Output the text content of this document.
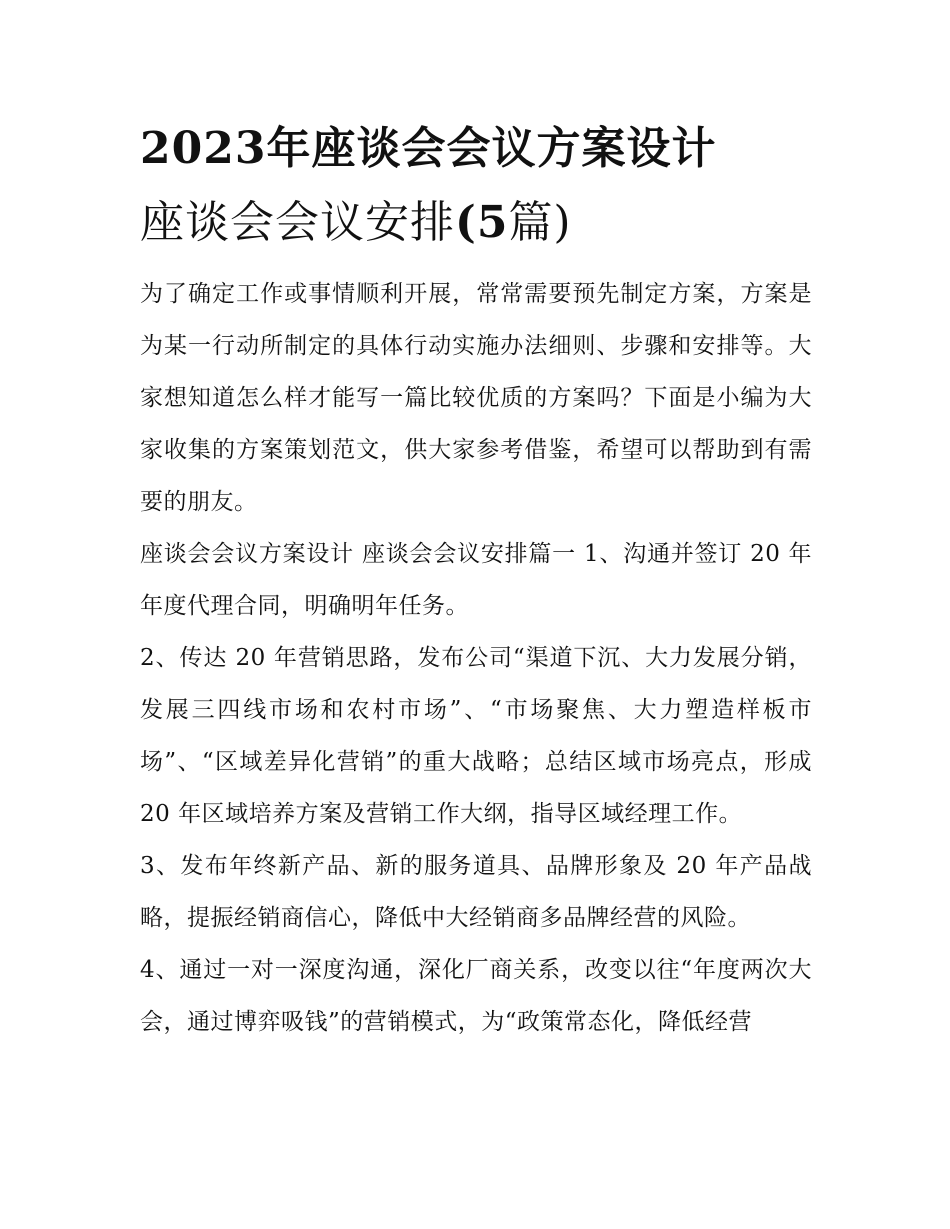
2023年座谈会会议方案设计
座谈会会议安排(5篇)

为了确定工作或事情顺利开展，常常需要预先制定方案，方案是为某一行动所制定的具体行动实施办法细则、步骤和安排等。大家想知道怎么样才能写一篇比较优质的方案吗？下面是小编为大家收集的方案策划范文，供大家参考借鉴，希望可以帮助到有需要的朋友。

座谈会会议方案设计 座谈会会议安排篇一 1、沟通并签订 20 年年度代理合同，明确明年任务。

2、传达 20 年营销思路，发布公司“渠道下沉、大力发展分销，发展三四线市场和农村市场”、“市场聚焦、大力塑造样板市场”、“区域差异化营销”的重大战略；总结区域市场亮点，形成 20 年区域培养方案及营销工作大纲，指导区域经理工作。

3、发布年终新产品、新的服务道具、品牌形象及 20 年产品战略，提振经销商信心，降低中大经销商多品牌经营的风险。

4、通过一对一深度沟通，深化厂商关系，改变以往“年度两次大会，通过博弈吸钱”的营销模式，为“政策常态化，降低经营
